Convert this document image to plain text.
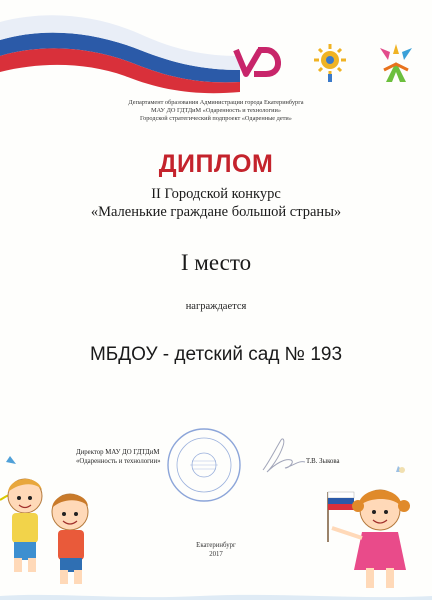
Департамент образования Администрации города Екатеринбурга
МАУ ДО ГДТДиМ «Одаренность и технологии»
Городской стратегический подпроект «Одаренные дети»
ДИПЛОМ
II Городской конкурс
«Маленькие граждане большой страны»
I место
награждается
МБДОУ - детский сад № 193
Директор МАУ ДО ГДТДиМ
«Одаренность и технологии»	Т.В. Зыкова
Екатеринбург
2017
